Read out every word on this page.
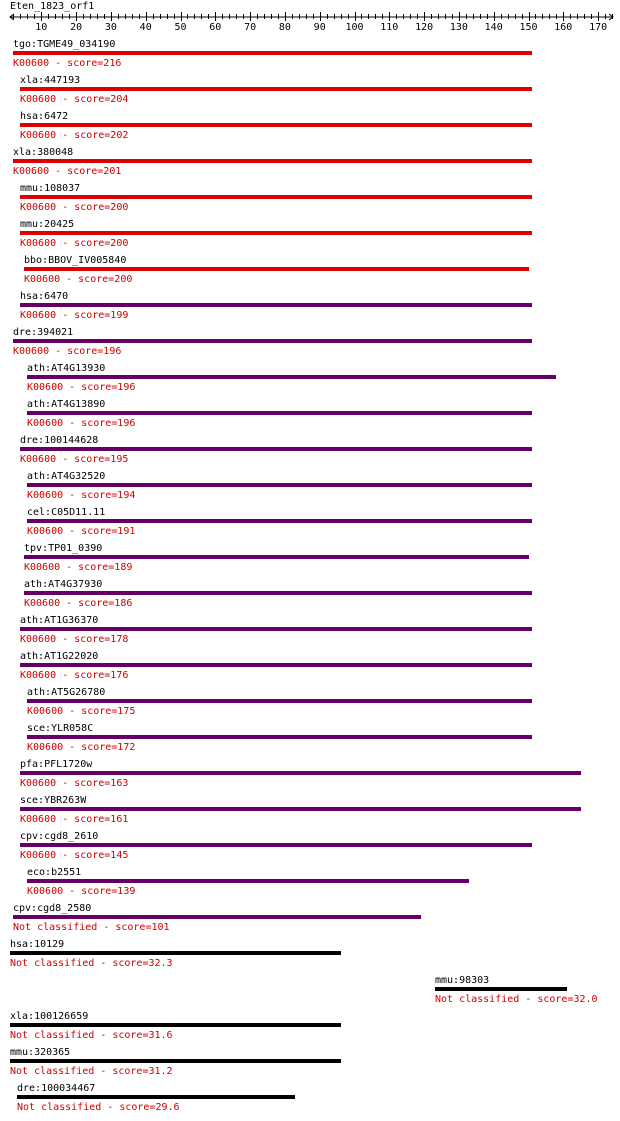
Eten_1823_orf1
10 20 30 40 50 60 70 80 90 100 110 120 130 140 150 160 170
tgo:TGME49_034190
K00600 - score=216
xla:447193
K00600 - score=204
hsa:6472
K00600 - score=202
xla:380048
K00600 - score=201
mmu:108037
K00600 - score=200
mmu:20425
K00600 - score=200
bbo:BBOV_IV005840
K00600 - score=200
hsa:6470
K00600 - score=199
dre:394021
K00600 - score=196
ath:AT4G13930
K00600 - score=196
ath:AT4G13890
K00600 - score=196
dre:100144628
K00600 - score=195
ath:AT4G32520
K00600 - score=194
cel:C05D11.11
K00600 - score=191
tpv:TP01_0390
K00600 - score=189
ath:AT4G37930
K00600 - score=186
ath:AT1G36370
K00600 - score=178
ath:AT1G22020
K00600 - score=176
ath:AT5G26780
K00600 - score=175
sce:YLR058C
K00600 - score=172
pfa:PFL1720w
K00600 - score=163
sce:YBR263W
K00600 - score=161
cpv:cgd8_2610
K00600 - score=145
eco:b2551
K00600 - score=139
cpv:cgd8_2580
Not classified - score=101
hsa:10129
Not classified - score=32.3
mmu:98303
Not classified - score=32.0
xla:100126659
Not classified - score=31.6
mmu:320365
Not classified - score=31.2
dre:100034467
Not classified - score=29.6
